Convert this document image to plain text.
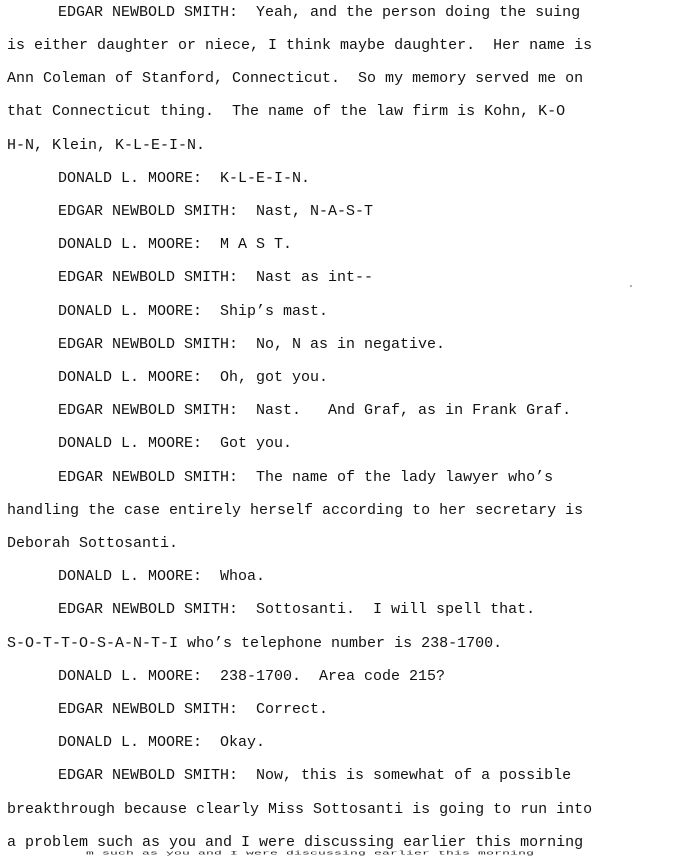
EDGAR NEWBOLD SMITH:  Yeah, and the person doing the suing
is either daughter or niece, I think maybe daughter.  Her name is
Ann Coleman of Stanford, Connecticut.  So my memory served me on
that Connecticut thing.  The name of the law firm is Kohn, K-O
H-N, Klein, K-L-E-I-N.
DONALD L. MOORE:  K-L-E-I-N.
EDGAR NEWBOLD SMITH:  Nast, N-A-S-T
DONALD L. MOORE:  M A S T.
EDGAR NEWBOLD SMITH:  Nast as int--
DONALD L. MOORE:  Ship’s mast.
EDGAR NEWBOLD SMITH:  No, N as in negative.
DONALD L. MOORE:  Oh, got you.
EDGAR NEWBOLD SMITH:  Nast.   And Graf, as in Frank Graf.
DONALD L. MOORE:  Got you.
EDGAR NEWBOLD SMITH:  The name of the lady lawyer who’s
handling the case entirely herself according to her secretary is
Deborah Sottosanti.
DONALD L. MOORE:  Whoa.
EDGAR NEWBOLD SMITH:  Sottosanti.  I will spell that.
S-O-T-T-O-S-A-N-T-I who’s telephone number is 238-1700.
DONALD L. MOORE:  238-1700.  Area code 215?
EDGAR NEWBOLD SMITH:  Correct.
DONALD L. MOORE:  Okay.
EDGAR NEWBOLD SMITH:  Now, this is somewhat of a possible
breakthrough because clearly Miss Sottosanti is going to run into
a problem such as you and I were discussing earlier this morning
m such as you and I were discussing earlier this morning
